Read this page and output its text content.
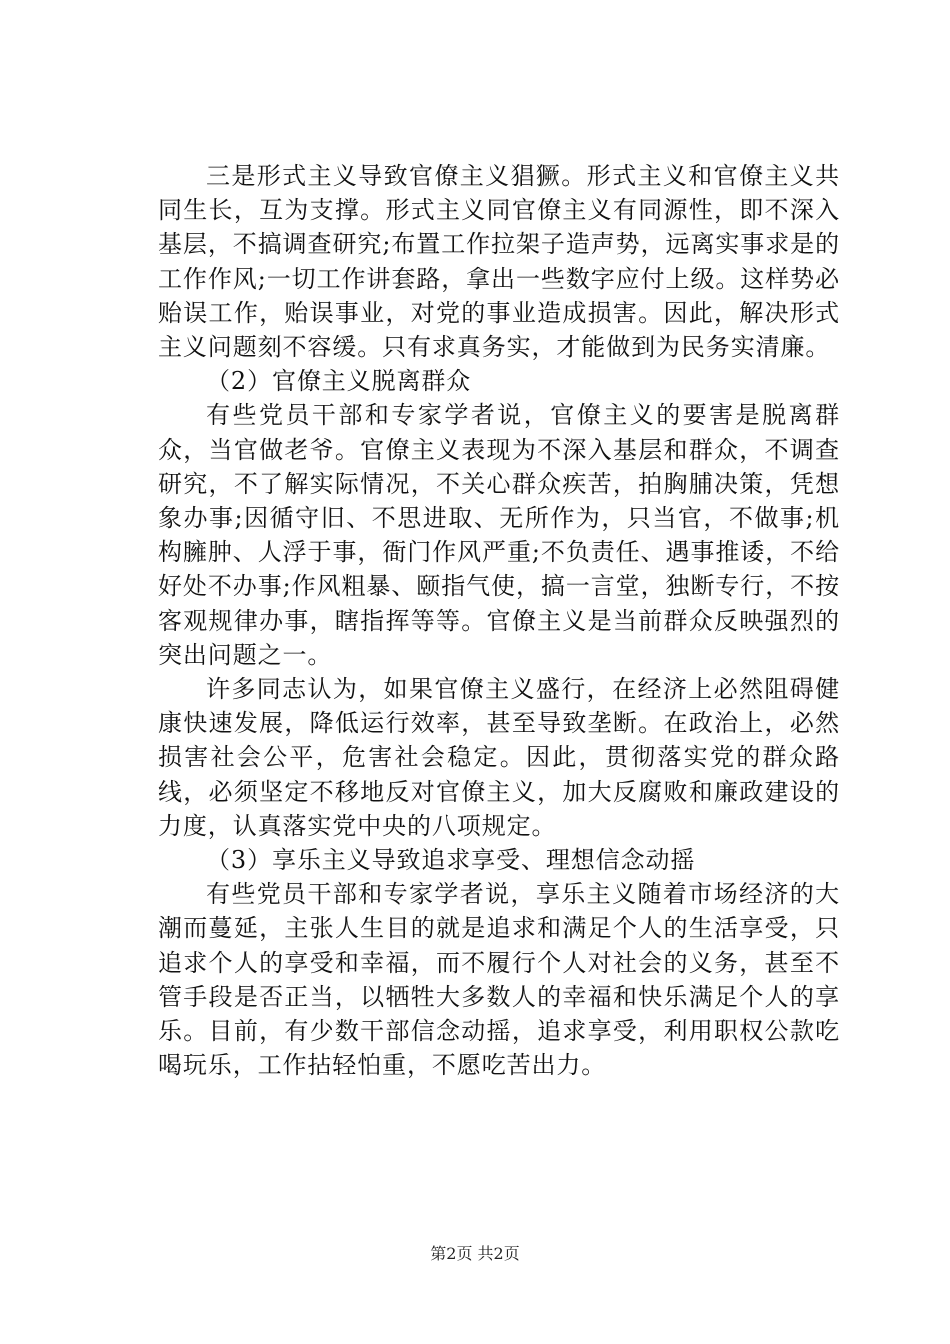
三是形式主义导致官僚主义猖獗。形式主义和官僚主义共同生长，互为支撑。形式主义同官僚主义有同源性，即不深入基层，不搞调查研究;布置工作拉架子造声势，远离实事求是的工作作风;一切工作讲套路，拿出一些数字应付上级。这样势必贻误工作，贻误事业，对党的事业造成损害。因此，解决形式主义问题刻不容缓。只有求真务实，才能做到为民务实清廉。

（2）官僚主义脱离群众

有些党员干部和专家学者说，官僚主义的要害是脱离群众，当官做老爷。官僚主义表现为不深入基层和群众，不调查研究，不了解实际情况，不关心群众疾苦，拍胸脯决策，凭想象办事;因循守旧、不思进取、无所作为，只当官，不做事;机构臃肿、人浮于事，衙门作风严重;不负责任、遇事推诿，不给好处不办事;作风粗暴、颐指气使，搞一言堂，独断专行，不按客观规律办事，瞎指挥等等。官僚主义是当前群众反映强烈的突出问题之一。

许多同志认为，如果官僚主义盛行，在经济上必然阻碍健康快速发展，降低运行效率，甚至导致垄断。在政治上，必然损害社会公平，危害社会稳定。因此，贯彻落实党的群众路线，必须坚定不移地反对官僚主义，加大反腐败和廉政建设的力度，认真落实党中央的八项规定。

（3）享乐主义导致追求享受、理想信念动摇

有些党员干部和专家学者说，享乐主义随着市场经济的大潮而蔓延，主张人生目的就是追求和满足个人的生活享受，只追求个人的享受和幸福，而不履行个人对社会的义务，甚至不管手段是否正当，以牺牲大多数人的幸福和快乐满足个人的享乐。目前，有少数干部信念动摇，追求享受，利用职权公款吃喝玩乐，工作拈轻怕重，不愿吃苦出力。

第2页 共2页
